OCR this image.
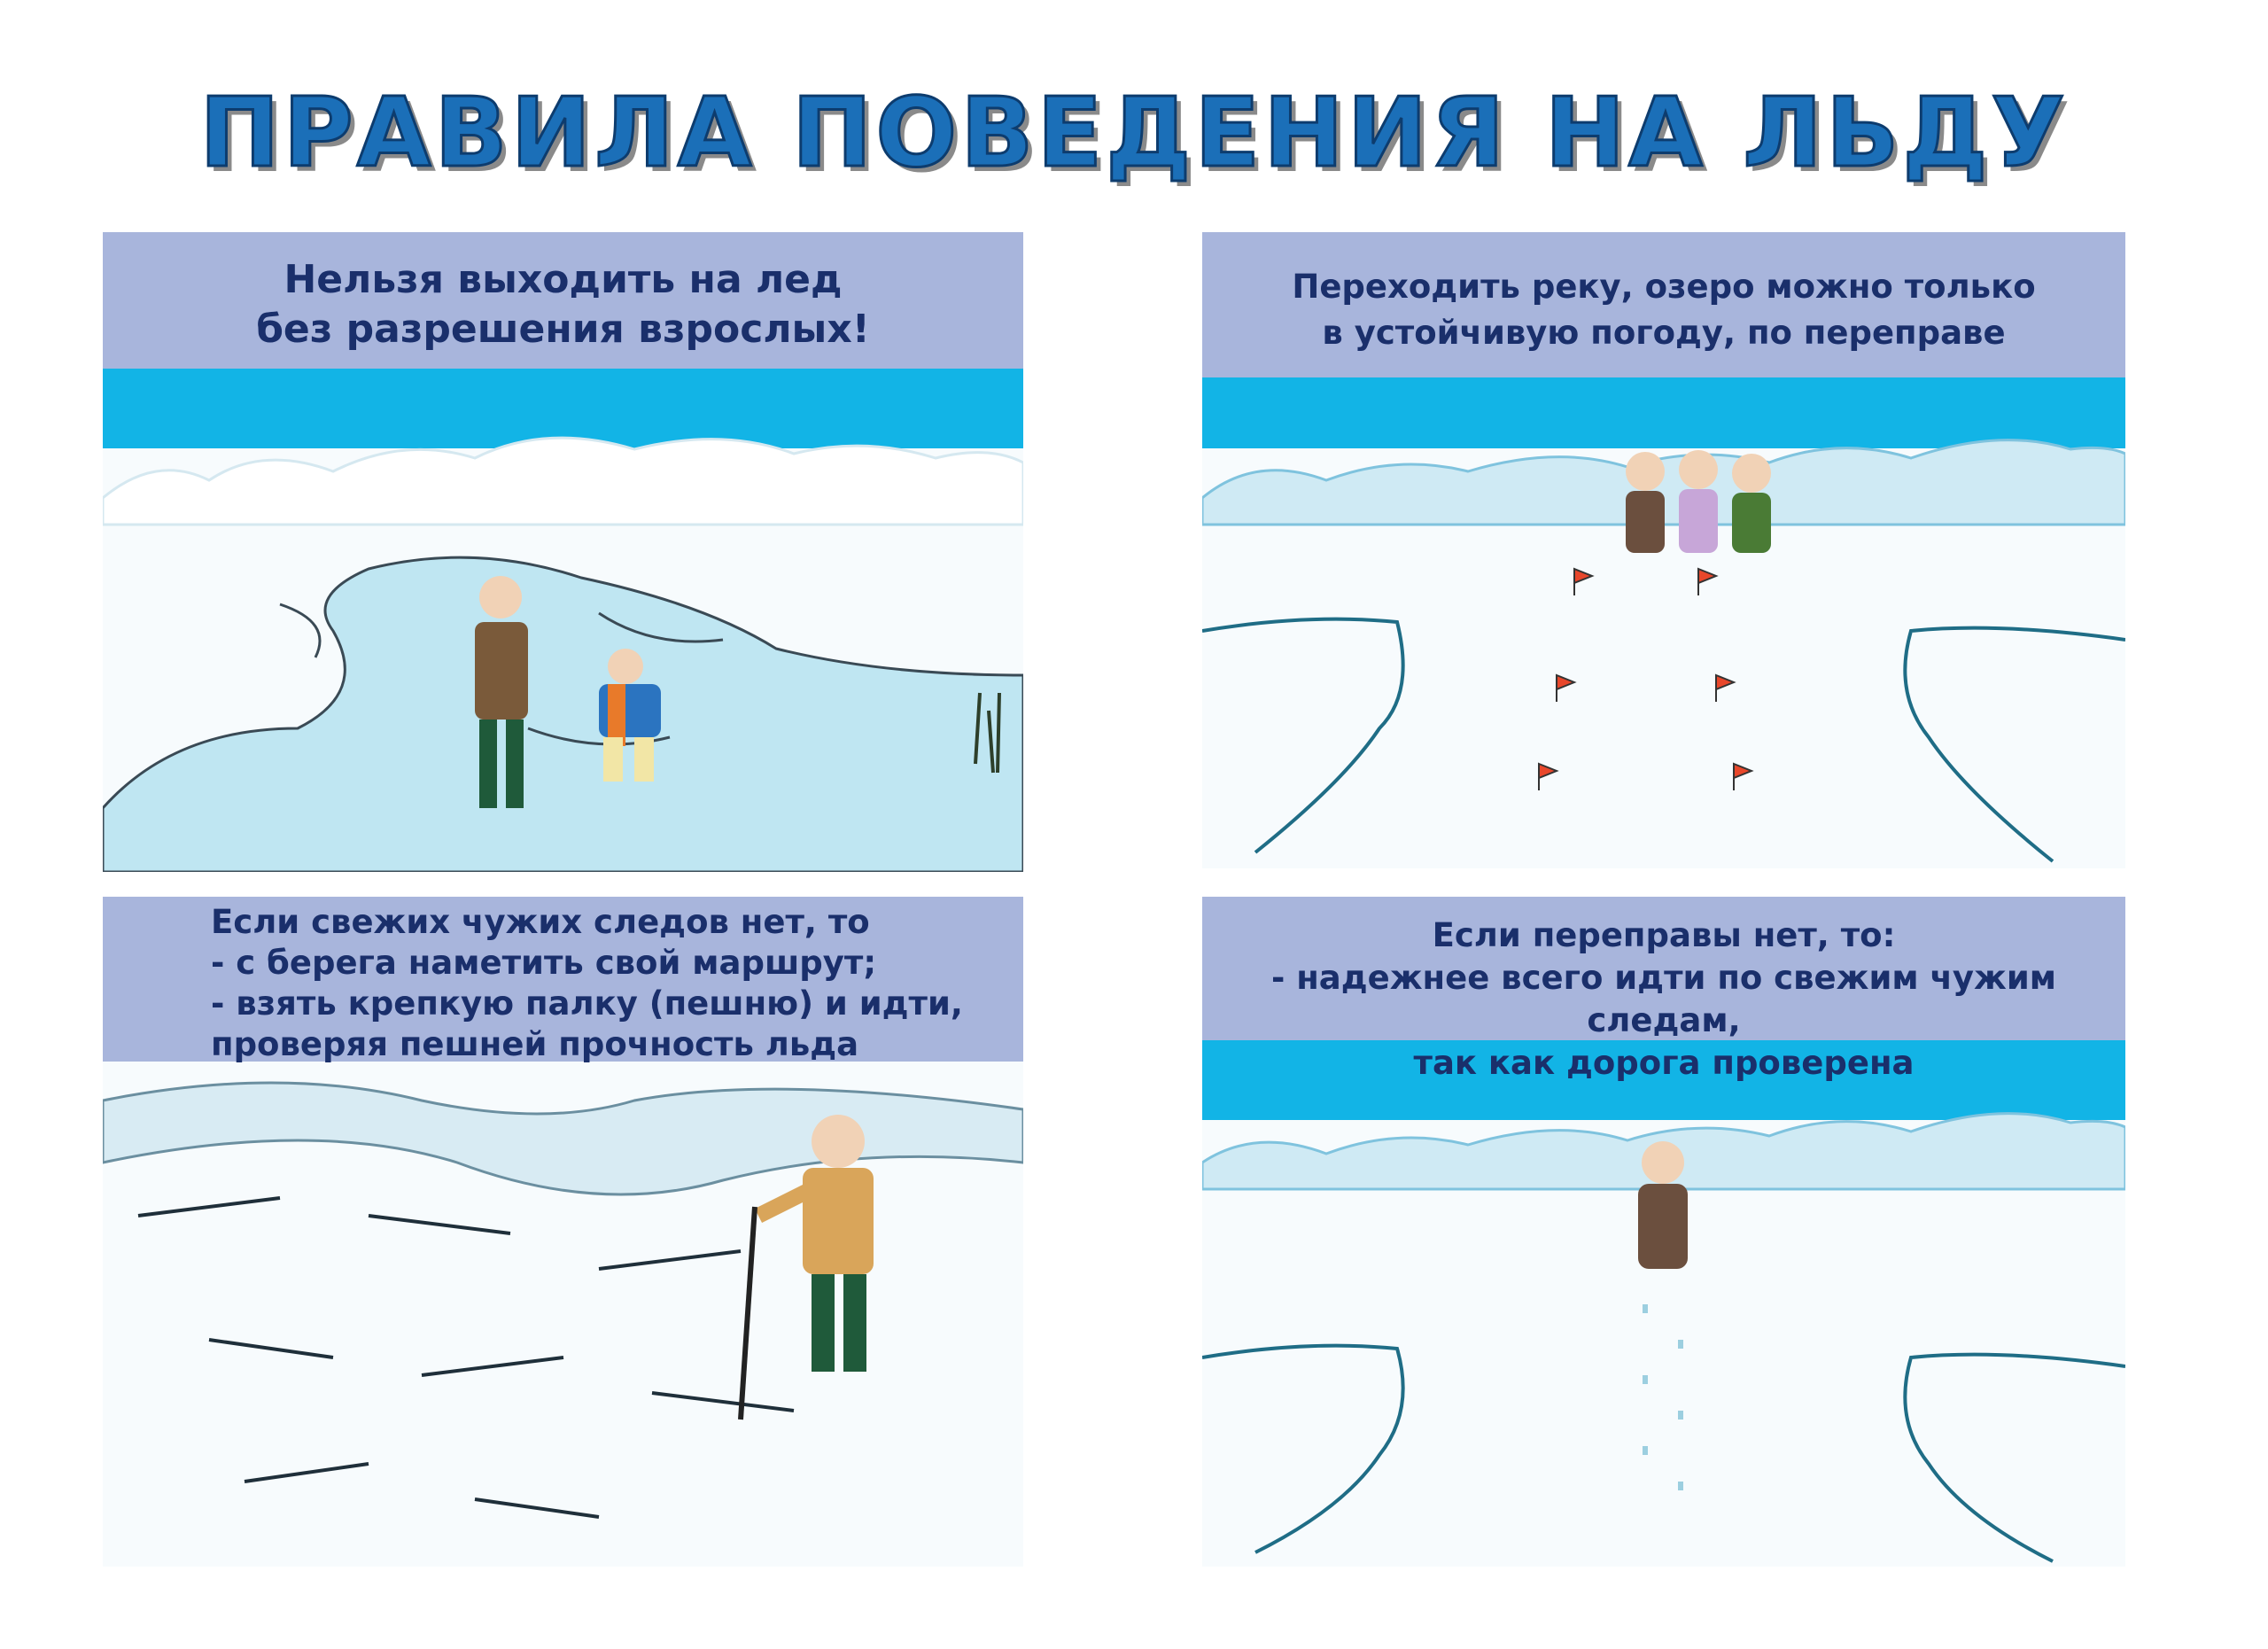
ПРАВИЛА ПОВЕДЕНИЯ НА ЛЬДУ
Нельзя выходить на лед
без разрешения взрослых!
Переходить реку, озеро можно только
в устойчивую погоду, по переправе
Если свежих чужих следов нет, то
- с берега наметить свой маршрут;
- взять крепкую палку (пешню) и идти,
проверяя пешней прочность льда
Если переправы нет, то:
- надежнее всего идти по свежим чужим следам,
так как дорога проверена
